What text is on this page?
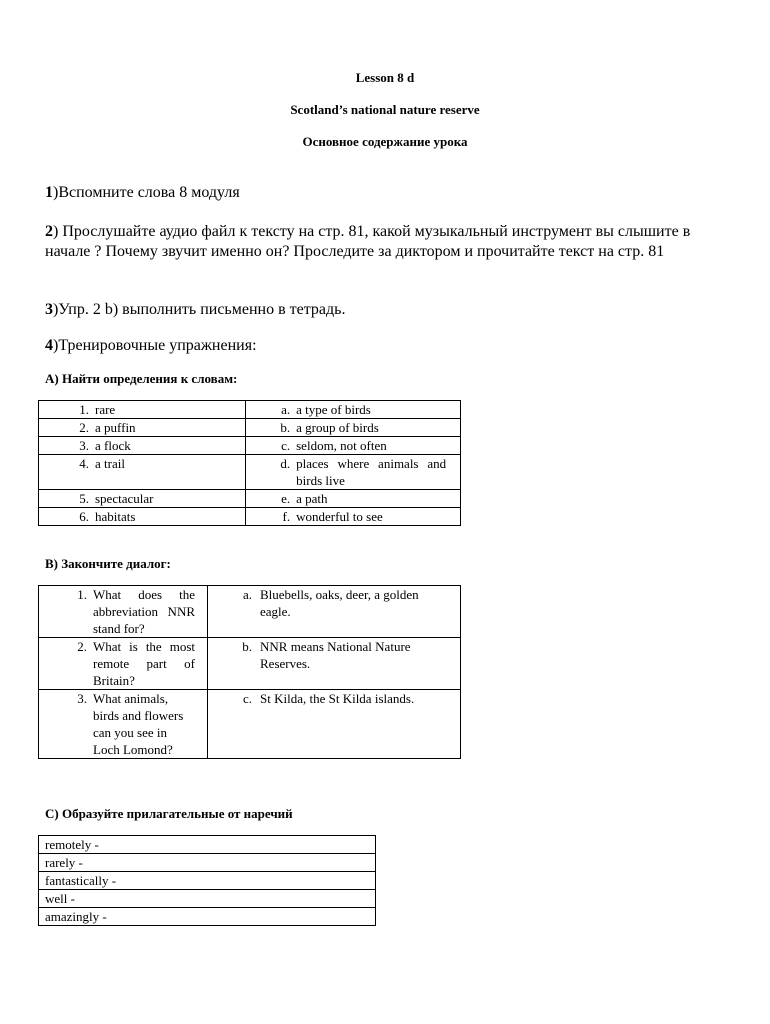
Lesson 8 d
Scotland’s national nature reserve
Основное содержание урока
1)Вспомните слова 8 модуля
2) Прослушайте аудио файл к тексту на стр. 81, какой музыкальный инструмент вы слышите в начале ? Почему звучит именно он? Проследите за диктором и прочитайте текст на стр. 81
3)Упр. 2 b) выполнить письменно в тетрадь.
4)Тренировочные упражнения:
А) Найти определения к словам:
1. rare	a. a type of birds

2. a puffin	b. a group of birds

3. a flock	c. seldom, not often

4. a trail	d. places where animals and birds live

5. spectacular	e. a path

6. habitats	f. wonderful to see
В) Закончите диалог:
1. What does the abbreviation NNR stand for?	a. Bluebells, oaks, deer, a golden eagle.

2. What is the most remote part of Britain?	b. NNR means National Nature Reserves.

3. What animals, birds and flowers can you see in Loch Lomond?	c. St Kilda, the St Kilda islands.
С) Образуйте прилагательные от наречий
remotely -
rarely -
fantastically -
well -
amazingly -
